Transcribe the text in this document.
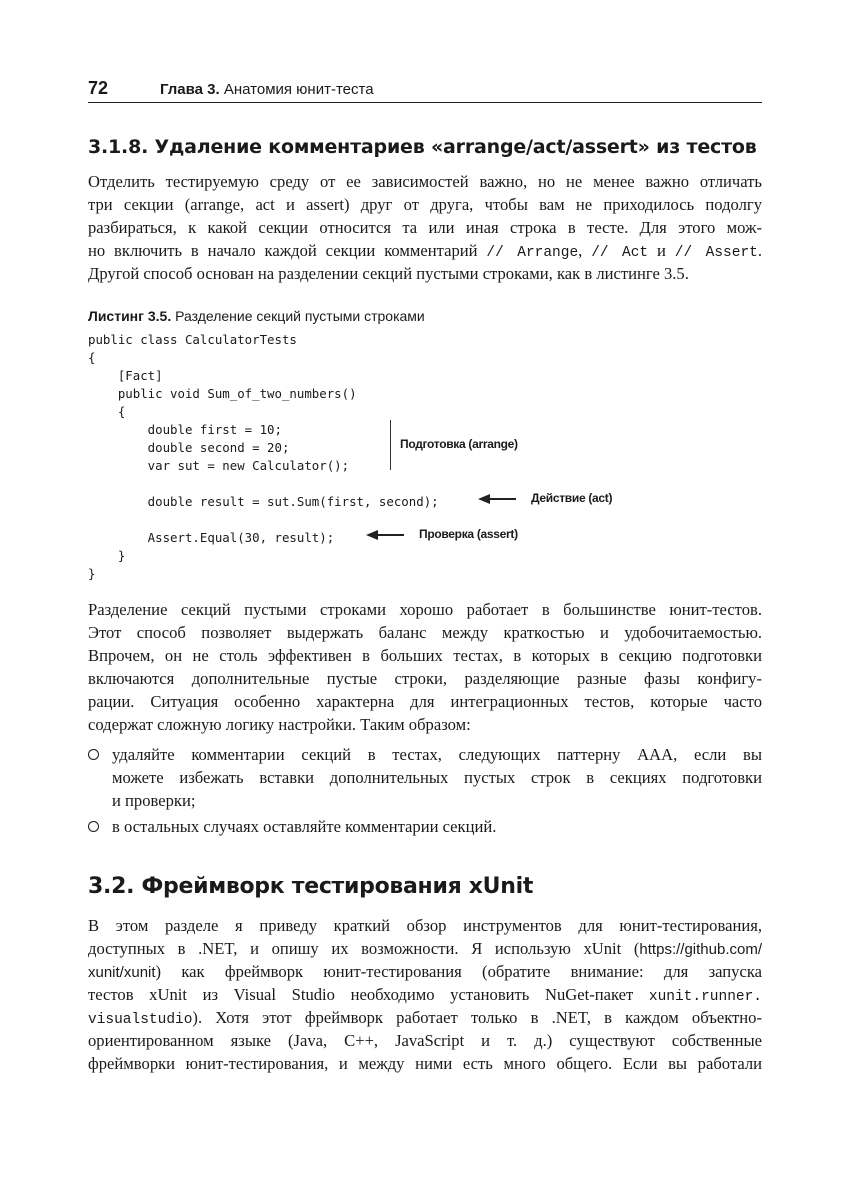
72	Глава 3. Анатомия юнит-теста
3.1.8. Удаление комментариев «arrange/act/assert» из тестов
Отделить тестируемую среду от ее зависимостей важно, но не менее важно отличать
три секции (arrange, act и assert) друг от друга, чтобы вам не приходилось подолгу
разбираться, к какой секции относится та или иная строка в тесте. Для этого мож-
но включить в начало каждой секции комментарий // Arrange, // Act и // Assert.
Другой способ основан на разделении секций пустыми строками, как в листинге 3.5.
Листинг 3.5. Разделение секций пустыми строками
public class CalculatorTests
{
[Fact]
public void Sum_of_two_numbers()
{
double first = 10;
double second = 20;
var sut = new Calculator();
double result = sut.Sum(first, second);
Assert.Equal(30, result);
}
}
Подготовка (arrange)
Действие (act)
Проверка (assert)
Разделение секций пустыми строками хорошо работает в большинстве юнит-тестов.
Этот способ позволяет выдержать баланс между краткостью и удобочитаемостью.
Впрочем, он не столь эффективен в больших тестах, в которых в секцию подготовки
включаются дополнительные пустые строки, разделяющие разные фазы конфигу-
рации. Ситуация особенно характерна для интеграционных тестов, которые часто
содержат сложную логику настройки. Таким образом:
удаляйте комментарии секций в тестах, следующих паттерну AAA, если вы
можете избежать вставки дополнительных пустых строк в секциях подготовки
и проверки;
в остальных случаях оставляйте комментарии секций.
3.2. Фреймворк тестирования xUnit
В этом разделе я приведу краткий обзор инструментов для юнит-тестирования,
доступных в .NET, и опишу их возможности. Я использую xUnit (https://github.com/
xunit/xunit) как фреймворк юнит-тестирования (обратите внимание: для запуска
тестов xUnit из Visual Studio необходимо установить NuGet-пакет xunit.runner.
visualstudio). Хотя этот фреймворк работает только в .NET, в каждом объектно-
ориентированном языке (Java, C++, JavaScript и т. д.) существуют собственные
фреймворки юнит-тестирования, и между ними есть много общего. Если вы работали
